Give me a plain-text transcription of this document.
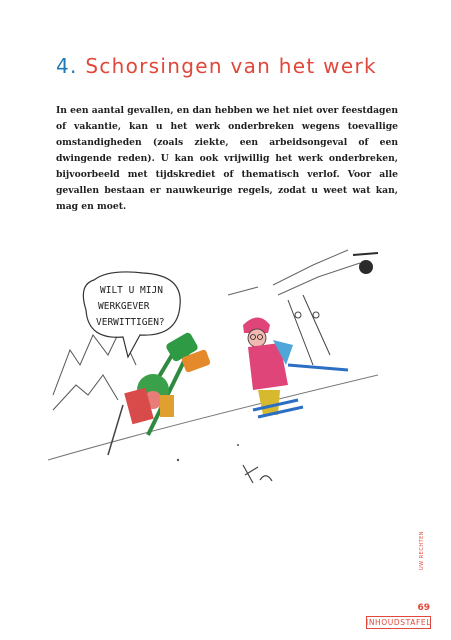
4. Schorsingen van het werk

In een aantal gevallen, en dan hebben we het niet over feestdagen of vakantie, kan u het werk onderbreken wegens toevallige omstandigheden (zoals ziekte, een arbeidsongeval of een dwingende reden). U kan ook vrijwillig het werk onderbreken, bijvoorbeeld met tijdskrediet of thematisch verlof. Voor alle gevallen bestaan er nauwkeurige regels, zodat u weet wat kan, mag en moet.

WILT U MIJN WERKGEVER VERWITTIGEN?
UW RECHTEN
69
INHOUDSTAFEL
